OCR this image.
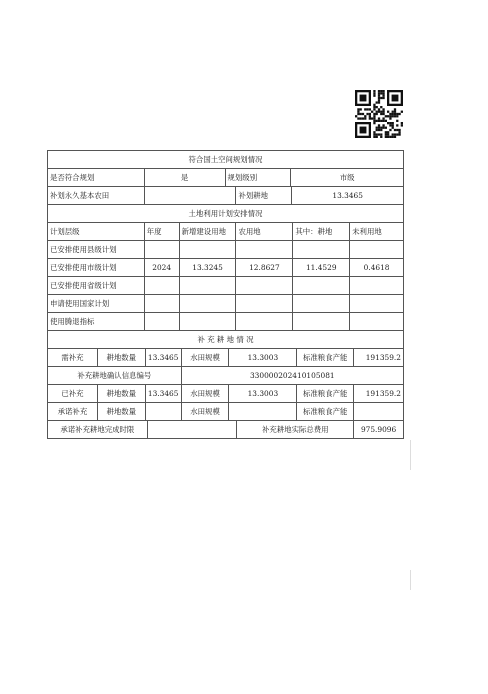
符合国土空间规划情况
是否符合规划	是	规划级别	市级
补划永久基本农田	补划耕地	13.3465
土地利用计划安排情况
计划层级	年度	新增建设用地	农用地	其中：耕地	未利用地
已安排使用县级计划
已安排使用市级计划	2024	13.3245	12.8627	11.4529	0.4618
已安排使用省级计划
申请使用国家计划
使用腾退指标
补 充 耕 地 情 况
需补充	耕地数量	13.3465	水田规模	13.3003	标准粮食产能	191359.2
补充耕地确认信息编号	330000202410105081
已补充	耕地数量	13.3465	水田规模	13.3003	标准粮食产能	191359.2
承诺补充	耕地数量	水田规模	标准粮食产能
承诺补充耕地完成时限	补充耕地实际总费用	975.9096
